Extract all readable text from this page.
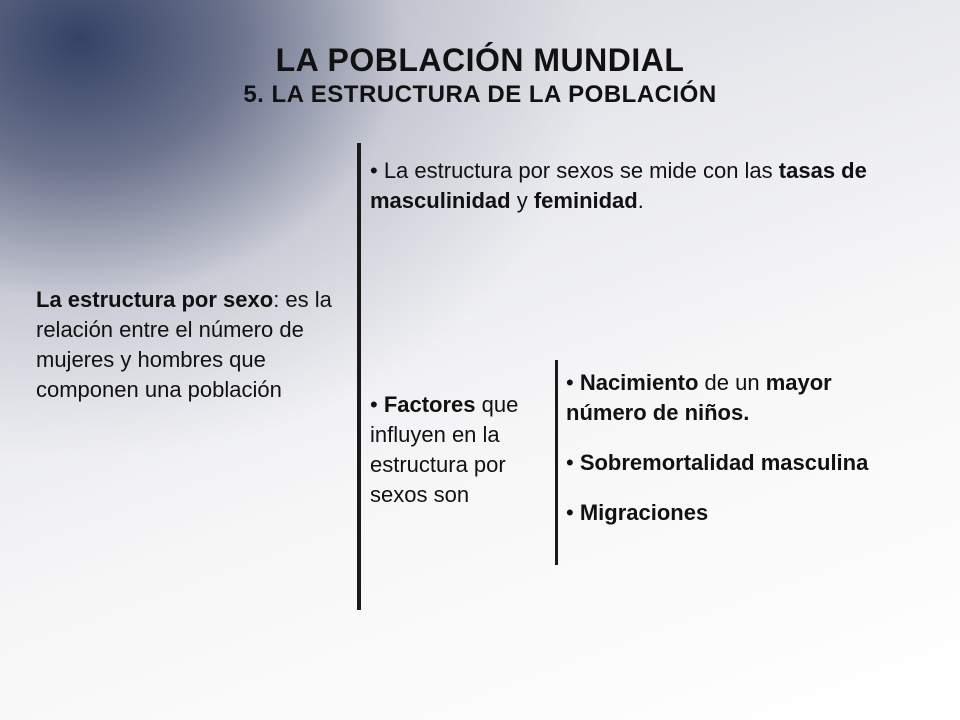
LA POBLACIÓN MUNDIAL
5. LA ESTRUCTURA DE LA POBLACIÓN
La estructura por sexo: es la relación entre el número de mujeres y hombres que componen una población
• La estructura por sexos se mide con las tasas de masculinidad y feminidad.
• Factores que influyen en la estructura por sexos son
• Nacimiento de un mayor número de niños.
• Sobremortalidad masculina
• Migraciones
